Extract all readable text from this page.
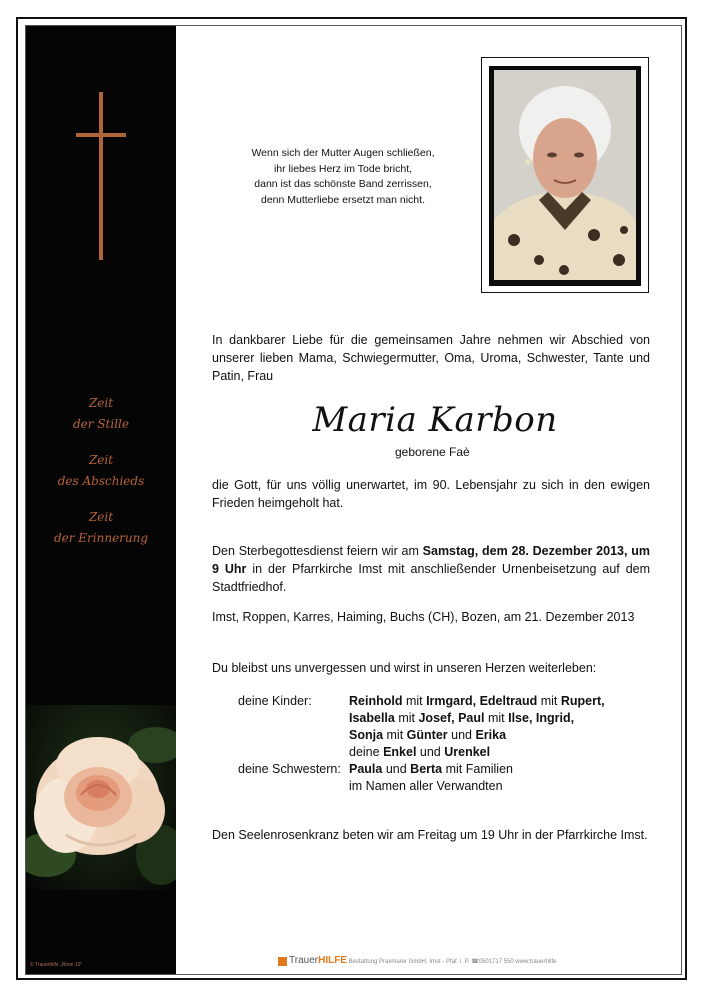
Zeit
der Stille
Zeit
des Abschieds
Zeit
der Erinnerung
© Trauerhilfe „Rose 10"
Wenn sich der Mutter Augen schließen,
ihr liebes Herz im Tode bricht,
dann ist das schönste Band zerrissen,
denn Mutterliebe ersetzt man nicht.
In dankbarer Liebe für die gemeinsamen Jahre nehmen wir Abschied von unserer lieben Mama, Schwiegermutter, Oma, Uroma, Schwester, Tante und Patin, Frau
Maria Karbon
geborene Faè
die Gott, für uns völlig unerwartet, im 90. Lebensjahr zu sich in den ewigen Frieden heimgeholt hat.
Den Sterbegottesdienst feiern wir am Samstag, dem 28. Dezember 2013, um 9 Uhr in der Pfarrkirche Imst mit anschließender Urnenbeisetzung auf dem Stadtfriedhof.
Imst, Roppen, Karres, Haiming, Buchs (CH), Bozen, am 21. Dezember 2013
Du bleibst uns unvergessen und wirst in unseren Herzen weiterleben:
deine Kinder:
deine Schwestern:
Reinhold mit Irmgard, Edeltraud mit Rupert,
Isabella mit Josef, Paul mit Ilse, Ingrid,
Sonja mit Günter und Erika
deine Enkel und Urenkel
Paula und Berta mit Familien
im Namen aller Verwandten
Den Seelenrosenkranz beten wir am Freitag um 19 Uhr in der Pfarrkirche Imst.
TrauerHILFE Bestattung Praxmarer GmbH, Imst - Pfaf. i. P. ☎0501717 550 www.trauerhilfe
